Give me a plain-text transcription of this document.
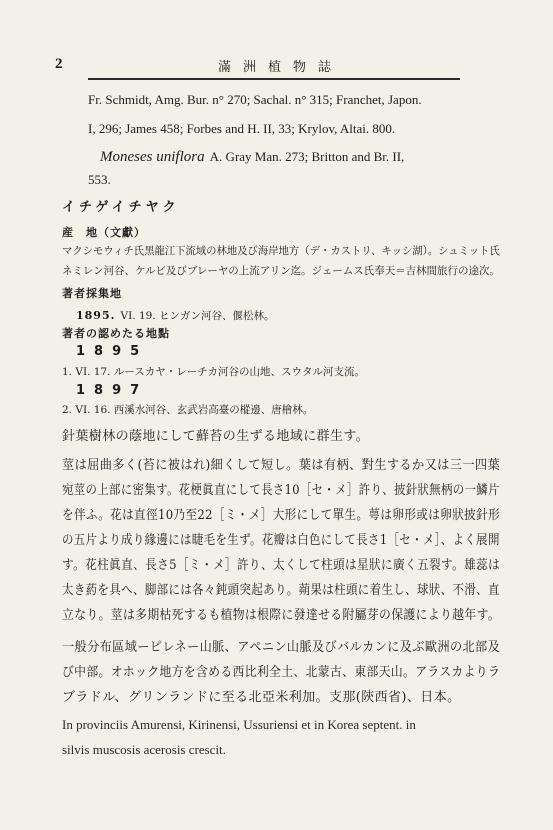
2	滿洲植物誌
Fr. Schmidt, Amg. Bur. n° 270; Sachal. n° 315; Franchet, Japon.
I, 296; James 458; Forbes and H. II, 33; Krylov, Altai. 800.
Moneses uniflora A. Gray Man. 273; Britton and Br. II,
553.
イチゲイチヤク
産　地（文獻）
マクシモウィチ氏黑龍江下流域の林地及び海岸地方（デ・カストリ、キッシ湖）。シュミット氏
ネミレン河谷、ケルビ及びブレーヤの上流アリン迄。ジェームス氏奉天＝吉林間旅行の途次。
著者採集地
1895. VI. 19. ヒンガン河谷、偃松林。
著者の認めたる地點
1895
1. VI. 17. ルースカヤ・レーチカ河谷の山地、スウタル河支流。
1897
2. VI. 16. 西溪水河谷、玄武岩高臺の樅邊、唐檜林。
針葉樹林の蔭地にして蘚苔の生ずる地域に群生す。
莖は屈曲多く(苔に被はれ)細くして短し。葉は有柄、對生するか又は三一四葉
宛莖の上部に密集す。花梗眞直にして長さ10［セ・メ］許り、披針狀無柄の一鱗片
を伴ふ。花は直徑10乃至22［ミ・メ］大形にして單生。萼は卵形或は卵狀披針形
の五片より成り緣邊には睫毛を生ず。花瓣は白色にして長さ1［セ・メ］、よく展開
す。花柱眞直、長さ5［ミ・メ］許り、太くして柱頭は星狀に廣く五裂す。雄蕊は
太き葯を具へ、脚部には各々鈍頭突起あり。蒴果は柱頭に着生し、球狀、不滑、直
立なり。莖は多期枯死するも植物は根際に發達せる附屬芽の保護により越年す。
一般分布區域ーピレネー山脈、アペニン山脈及びバルカンに及ぶ歐洲の北部及
び中部。オホック地方を含める西比利全土、北蒙古、東部天山。アラスカよりラ
ブラドル、グリンランドに至る北亞米利加。支那(陝西省)、日本。
In provinciis Amurensi, Kirinensi, Ussuriensi et in Korea septent. in
silvis muscosis acerosis crescit.
